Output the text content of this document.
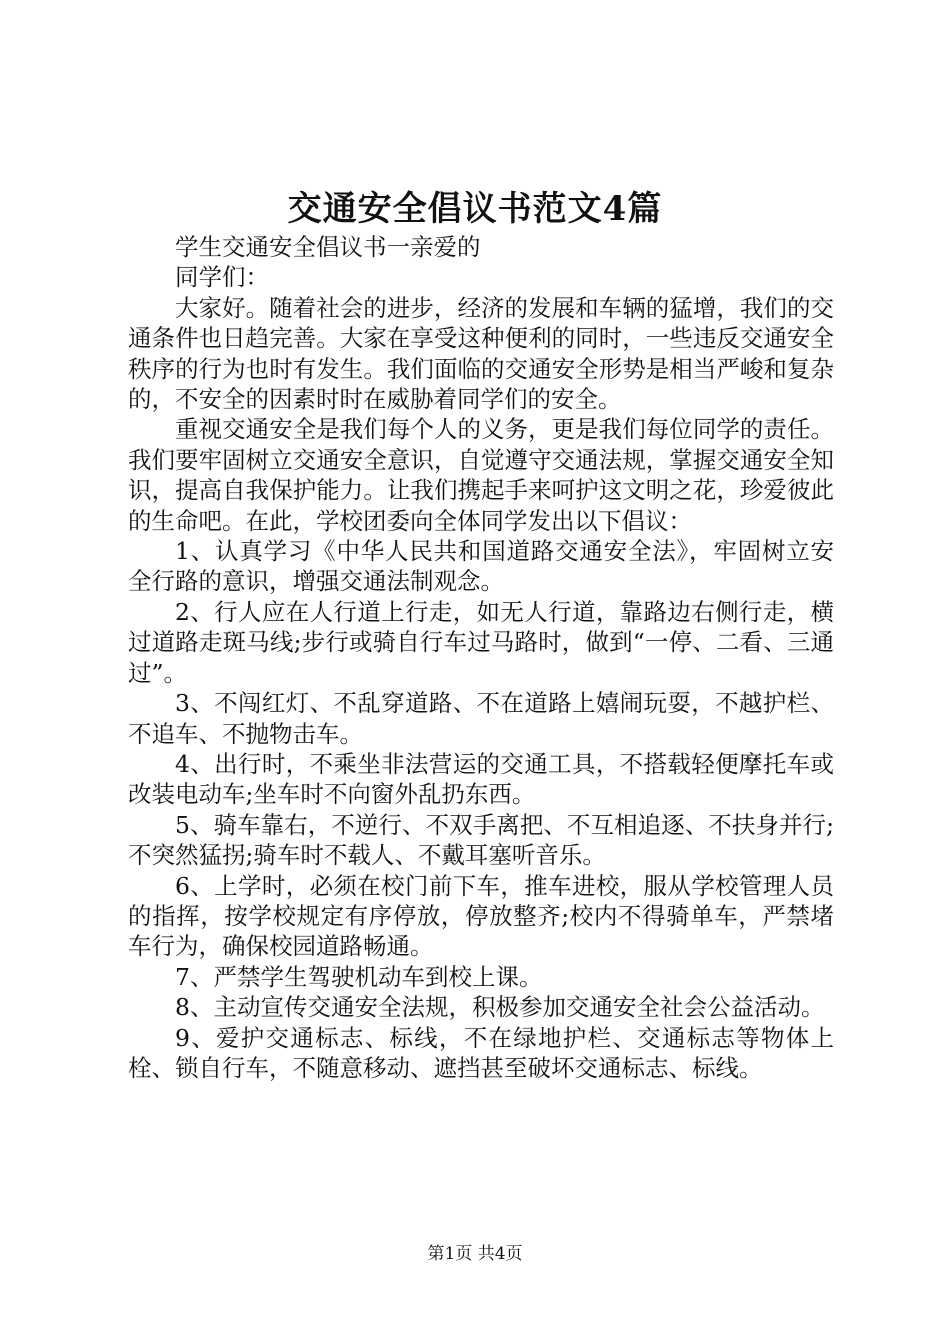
交通安全倡议书范文4篇

学生交通安全倡议书一亲爱的

同学们：

大家好。随着社会的进步，经济的发展和车辆的猛增，我们的交通条件也日趋完善。大家在享受这种便利的同时，一些违反交通安全秩序的行为也时有发生。我们面临的交通安全形势是相当严峻和复杂的，不安全的因素时时在威胁着同学们的安全。

重视交通安全是我们每个人的义务，更是我们每位同学的责任。我们要牢固树立交通安全意识，自觉遵守交通法规，掌握交通安全知识，提高自我保护能力。让我们携起手来呵护这文明之花，珍爱彼此的生命吧。在此，学校团委向全体同学发出以下倡议：

1、认真学习《中华人民共和国道路交通安全法》，牢固树立安全行路的意识，增强交通法制观念。

2、行人应在人行道上行走，如无人行道，靠路边右侧行走，横过道路走斑马线;步行或骑自行车过马路时，做到“一停、二看、三通过”。

3、不闯红灯、不乱穿道路、不在道路上嬉闹玩耍，不越护栏、不追车、不抛物击车。

4、出行时，不乘坐非法营运的交通工具，不搭载轻便摩托车或改装电动车;坐车时不向窗外乱扔东西。

5、骑车靠右，不逆行、不双手离把、不互相追逐、不扶身并行;不突然猛拐;骑车时不载人、不戴耳塞听音乐。

6、上学时，必须在校门前下车，推车进校，服从学校管理人员的指挥，按学校规定有序停放，停放整齐;校内不得骑单车，严禁堵车行为，确保校园道路畅通。

7、严禁学生驾驶机动车到校上课。

8、主动宣传交通安全法规，积极参加交通安全社会公益活动。

9、爱护交通标志、标线，不在绿地护栏、交通标志等物体上栓、锁自行车，不随意移动、遮挡甚至破坏交通标志、标线。

第1页 共4页
